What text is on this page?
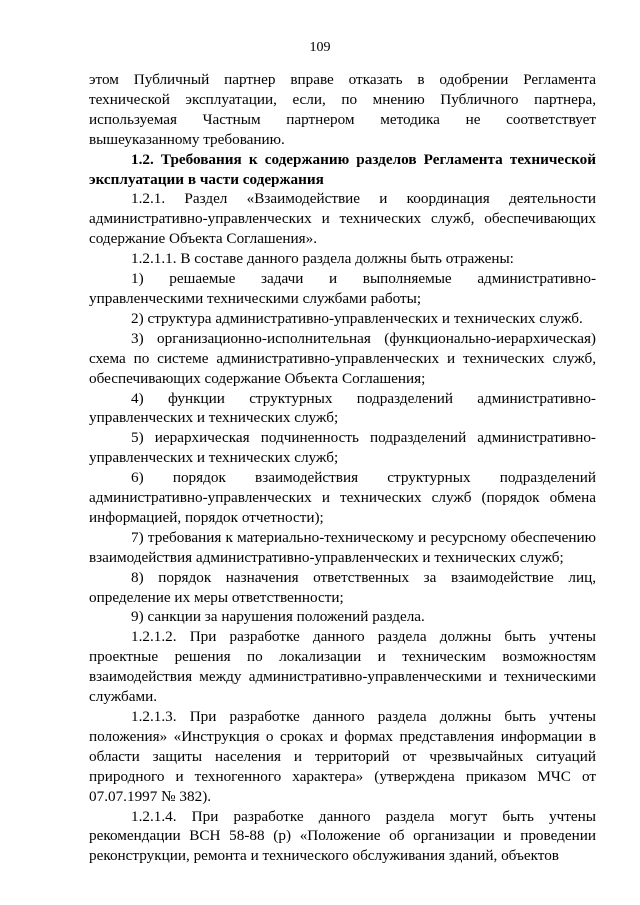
109

этом Публичный партнер вправе отказать в одобрении Регламента технической эксплуатации, если, по мнению Публичного партнера, используемая Частным партнером методика не соответствует вышеуказанному требованию.

1.2. Требования к содержанию разделов Регламента технической эксплуатации в части содержания

1.2.1. Раздел «Взаимодействие и координация деятельности административно-управленческих и технических служб, обеспечивающих содержание Объекта Соглашения».

1.2.1.1. В составе данного раздела должны быть отражены:

1) решаемые задачи и выполняемые административно-управленческими техническими службами работы;

2) структура административно-управленческих и технических служб.

3) организационно-исполнительная (функционально-иерархическая) схема по системе административно-управленческих и технических служб, обеспечивающих содержание Объекта Соглашения;

4) функции структурных подразделений административно-управленческих и технических служб;

5) иерархическая подчиненность подразделений административно-управленческих и технических служб;

6) порядок взаимодействия структурных подразделений административно-управленческих и технических служб (порядок обмена информацией, порядок отчетности);

7) требования к материально-техническому и ресурсному обеспечению взаимодействия административно-управленческих и технических служб;

8) порядок назначения ответственных за взаимодействие лиц, определение их меры ответственности;

9) санкции за нарушения положений раздела.

1.2.1.2. При разработке данного раздела должны быть учтены проектные решения по локализации и техническим возможностям взаимодействия между административно-управленческими и техническими службами.

1.2.1.3. При разработке данного раздела должны быть учтены положения» «Инструкция о сроках и формах представления информации в области защиты населения и территорий от чрезвычайных ситуаций природного и техногенного характера» (утверждена приказом МЧС от 07.07.1997 № 382).

1.2.1.4. При разработке данного раздела могут быть учтены рекомендации ВСН 58-88 (р) «Положение об организации и проведении реконструкции, ремонта и технического обслуживания зданий, объектов
